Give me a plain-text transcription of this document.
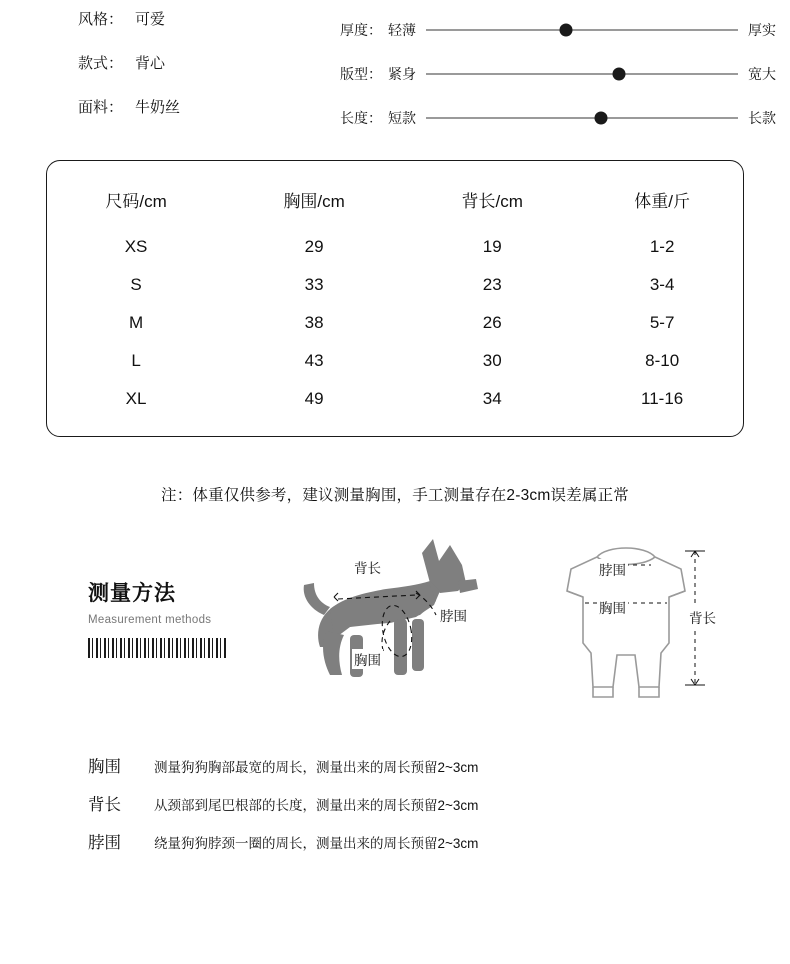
风格： 可爱
款式： 背心
面料： 牛奶丝
厚度： 轻薄	厚实
版型： 紧身	宽大
长度： 短款	长款
尺码/cm	胸围/cm	背长/cm	体重/斤
XS	29	19	1-2
S	33	23	3-4
M	38	26	5-7
L	43	30	8-10
XL	49	34	11-16
注：体重仅供参考，建议测量胸围，手工测量存在2-3cm误差属正常
测量方法
Measurement methods
背长
脖围
胸围
脖围
胸围
背长
胸围	测量狗狗胸部最宽的周长，测量出来的周长预留2~3cm
背长	从颈部到尾巴根部的长度，测量出来的周长预留2~3cm
脖围	绕量狗狗脖颈一圈的周长，测量出来的周长预留2~3cm
